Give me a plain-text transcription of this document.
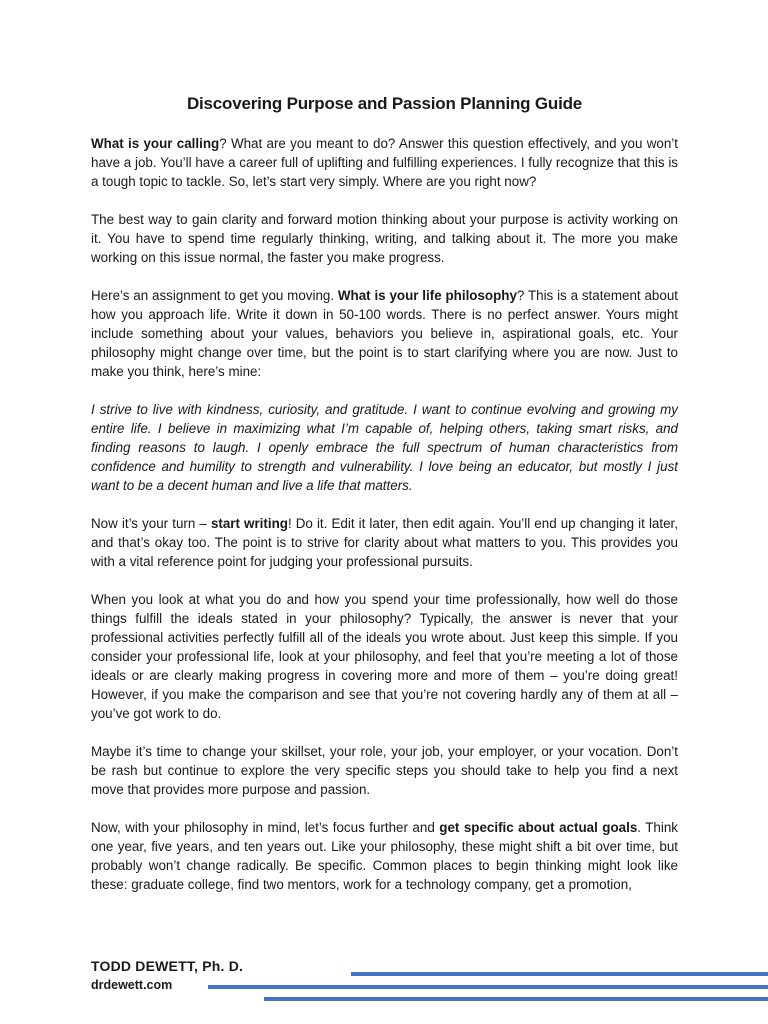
Discovering Purpose and Passion Planning Guide

What is your calling? What are you meant to do? Answer this question effectively, and you won’t have a job. You’ll have a career full of uplifting and fulfilling experiences. I fully recognize that this is a tough topic to tackle. So, let’s start very simply. Where are you right now?

The best way to gain clarity and forward motion thinking about your purpose is activity working on it. You have to spend time regularly thinking, writing, and talking about it. The more you make working on this issue normal, the faster you make progress.

Here’s an assignment to get you moving. What is your life philosophy? This is a statement about how you approach life. Write it down in 50-100 words. There is no perfect answer. Yours might include something about your values, behaviors you believe in, aspirational goals, etc. Your philosophy might change over time, but the point is to start clarifying where you are now. Just to make you think, here’s mine:

I strive to live with kindness, curiosity, and gratitude. I want to continue evolving and growing my entire life. I believe in maximizing what I’m capable of, helping others, taking smart risks, and finding reasons to laugh. I openly embrace the full spectrum of human characteristics from confidence and humility to strength and vulnerability. I love being an educator, but mostly I just want to be a decent human and live a life that matters.

Now it’s your turn – start writing! Do it. Edit it later, then edit again. You’ll end up changing it later, and that’s okay too. The point is to strive for clarity about what matters to you. This provides you with a vital reference point for judging your professional pursuits.

When you look at what you do and how you spend your time professionally, how well do those things fulfill the ideals stated in your philosophy? Typically, the answer is never that your professional activities perfectly fulfill all of the ideals you wrote about. Just keep this simple. If you consider your professional life, look at your philosophy, and feel that you’re meeting a lot of those ideals or are clearly making progress in covering more and more of them – you’re doing great! However, if you make the comparison and see that you’re not covering hardly any of them at all – you’ve got work to do.

Maybe it’s time to change your skillset, your role, your job, your employer, or your vocation. Don’t be rash but continue to explore the very specific steps you should take to help you find a next move that provides more purpose and passion.

Now, with your philosophy in mind, let’s focus further and get specific about actual goals. Think one year, five years, and ten years out. Like your philosophy, these might shift a bit over time, but probably won’t change radically. Be specific. Common places to begin thinking might look like these: graduate college, find two mentors, work for a technology company, get a promotion,

TODD DEWETT, Ph. D.
drdewett.com
